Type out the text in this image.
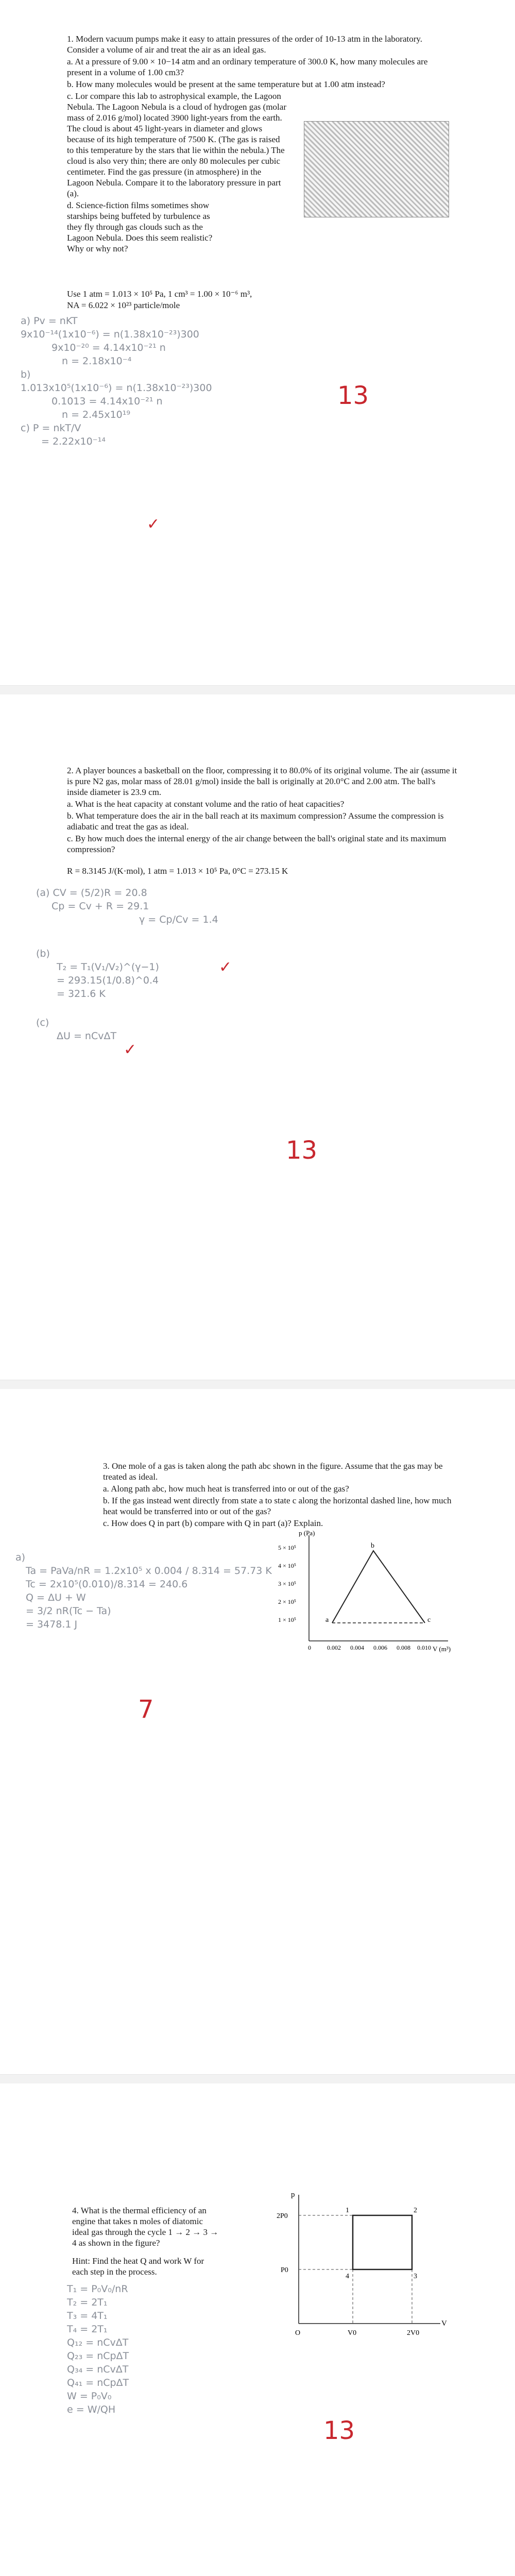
1. Modern vacuum pumps make it easy to attain pressures of the order of 10-13 atm in the laboratory. Consider a volume of air and treat the air as an ideal gas.

a. At a pressure of 9.00 × 10−14 atm and an ordinary temperature of 300.0 K, how many molecules are present in a volume of 1.00 cm3?

b. How many molecules would be present at the same temperature but at 1.00 atm instead?

c. Lor compare this lab to astrophysical example, the Lagoon Nebula. The Lagoon Nebula is a cloud of hydrogen gas (molar mass of 2.016 g/mol) located 3900 light-years from the earth. The cloud is about 45 light-years in diameter and glows because of its high temperature of 7500 K. (The gas is raised to this temperature by the stars that lie within the nebula.) The cloud is also very thin; there are only 80 molecules per cubic centimeter. Find the gas pressure (in atmosphere) in the Lagoon Nebula. Compare it to the laboratory pressure in part (a).

d. Science-fiction films sometimes show starships being buffeted by turbulence as they fly through gas clouds such as the Lagoon Nebula. Does this seem realistic? Why or why not?

Use 1 atm = 1.013 × 10⁵ Pa, 1 cm³ = 1.00 × 10⁻⁶ m³,
NA = 6.022 × 10²³ particle/mole
a) Pv = nKT
9x10⁻¹⁴(1x10⁻⁶) = n(1.38x10⁻²³)300
9x10⁻²⁰ = 4.14x10⁻²¹ n
n = 2.18x10⁻⁴
b)
1.013x10⁵(1x10⁻⁶) = n(1.38x10⁻²³)300
0.1013 = 4.14x10⁻²¹ n
n = 2.45x10¹⁹
c) P = nkT/V
= 2.22x10⁻¹⁴
13
✓

2. A player bounces a basketball on the floor, compressing it to 80.0% of its original volume. The air (assume it is pure N2 gas, molar mass of 28.01 g/mol) inside the ball is originally at 20.0°C and 2.00 atm. The ball's inside diameter is 23.9 cm.

a. What is the heat capacity at constant volume and the ratio of heat capacities?

b. What temperature does the air in the ball reach at its maximum compression? Assume the compression is adiabatic and treat the gas as ideal.

c. By how much does the internal energy of the air change between the ball's original state and its maximum compression?

R = 8.3145 J/(K·mol), 1 atm = 1.013 × 10⁵ Pa, 0°C = 273.15 K
(a) CV = (5/2)R = 20.8
Cp = Cv + R = 29.1
γ = Cp/Cv = 1.4
(b)
T₂ = T₁(V₁/V₂)^(γ−1)
= 293.15(1/0.8)^0.4
= 321.6 K
(c)
ΔU = nCvΔT
13
✓
✓

3. One mole of a gas is taken along the path abc shown in the figure. Assume that the gas may be treated as ideal.

a. Along path abc, how much heat is transferred into or out of the gas?

b. If the gas instead went directly from state a to state c along the horizontal dashed line, how much heat would be transferred into or out of the gas?

c. How does Q in part (b) compare with Q in part (a)? Explain.

p (Pa)
V (m³)
5 × 10⁵
4 × 10⁵
3 × 10⁵
2 × 10⁵
1 × 10⁵
0	0.002 0.004 0.006 0.008 0.010
a
b
c
a)
Ta = PaVa/nR = 1.2x10⁵ x 0.004 / 8.314 = 57.73 K
Tc = 2x10⁵(0.010)/8.314 = 240.6
Q = ΔU + W
= 3/2 nR(Tc − Ta)
= 3478.1 J
7

4. What is the thermal efficiency of an engine that takes n moles of diatomic ideal gas through the cycle 1 → 2 → 3 → 4 as shown in the figure?

Hint: Find the heat Q and work W for each step in the process.

p
V
2P0
P0
O	V0	2V0
1	2
3
4
T₁ = P₀V₀/nR
T₂ = 2T₁
T₃ = 4T₁
T₄ = 2T₁
Q₁₂ = nCvΔT
Q₂₃ = nCpΔT
Q₃₄ = nCvΔT
Q₄₁ = nCpΔT
W = P₀V₀
e = W/QH
13
